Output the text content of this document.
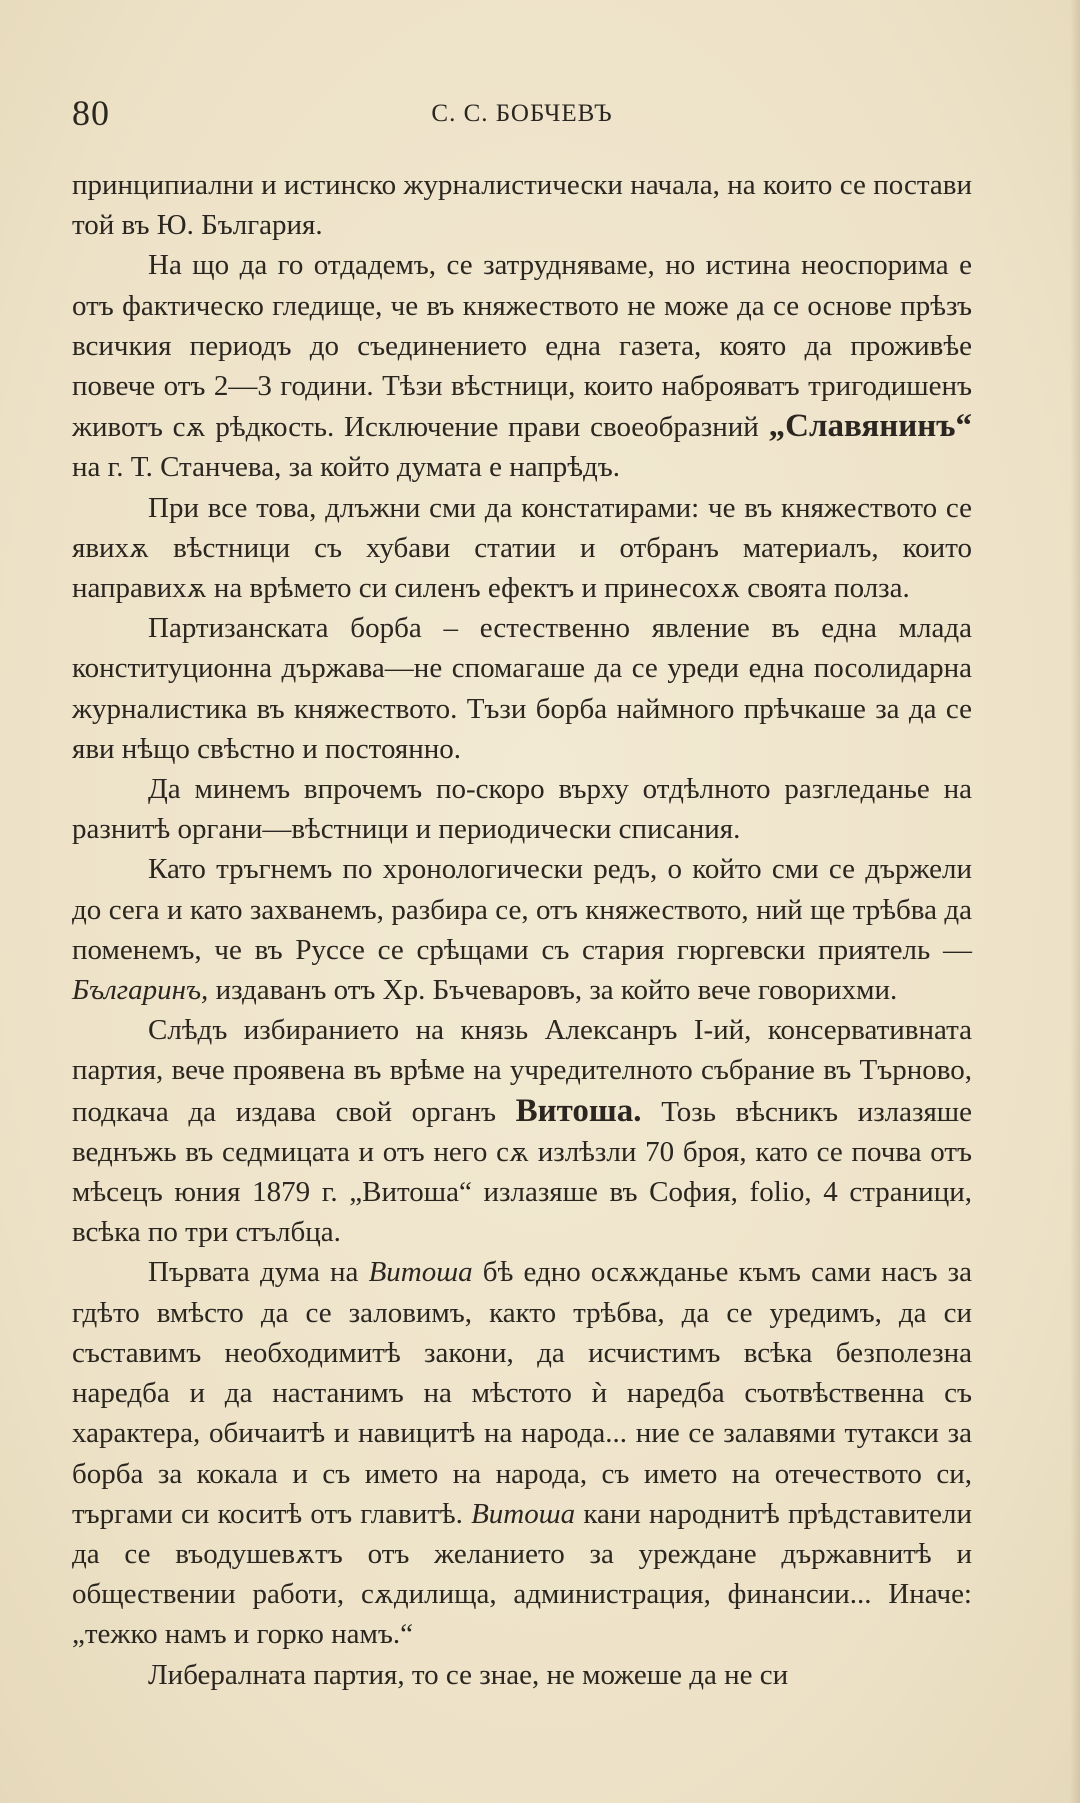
80	С. С. БОБЧЕВЪ

принципиални и истинско журналистически начала, на които се постави той въ Ю. България.

На що да го отдадемъ, се затрудняваме, но истина неоспорима е отъ фактическо гледище, че въ княжеството не може да се основе прѣзъ всичкия периодъ до съединението една газета, която да проживѣе повече отъ 2—3 години. Тѣзи вѣстници, които наброяватъ тригодишенъ животъ сѫ рѣдкость. Исключение прави своеобразний „Славянинъ“ на г. Т. Станчева, за който думата е напрѣдъ.

При все това, длъжни сми да констатирами: че въ княжеството се явихѫ вѣстници съ хубави статии и отбранъ материалъ, които направихѫ на врѣмето си силенъ ефектъ и принесохѫ своята полза.

Партизанската борба – естественно явление въ една млада конституционна държава—не спомагаше да се уреди една посолидарна журналистика въ княжеството. Тъзи борба наймного прѣчкаше за да се яви нѣщо свѣстно и постоянно.

Да минемъ впрочемъ по-скоро върху отдѣлното разгледанье на разнитѣ органи—вѣстници и периодически списания.

Като тръгнемъ по хронологически редъ, о който сми се държели до сега и като захванемъ, разбира се, отъ княжеството, ний ще трѣбва да поменемъ, че въ Руссе се срѣщами съ стария гюргевски приятель — Българинъ, издаванъ отъ Хр. Бъчеваровъ, за който вече говорихми.

Слѣдъ избиранието на князь Алексанръ I-ий, консервативната партия, вече проявена въ врѣме на учредителното събрание въ Търново, подкача да издава свой органъ Витоша. Тозь вѣсникъ излазяше веднъжь въ седмицата и отъ него сѫ излѣзли 70 броя, като се почва отъ мѣсецъ юния 1879 г. „Витоша“ излазяше въ София, folio, 4 страници, всѣка по три стълбца.

Първата дума на Витоша бѣ едно осѫжданье къмъ сами насъ за гдѣто вмѣсто да се заловимъ, както трѣбва, да се уредимъ, да си съставимъ необходимитѣ закони, да исчистимъ всѣка безполезна наредба и да настанимъ на мѣстото ѝ наредба съотвѣственна съ характера, обичаитѣ и навицитѣ на народа... ние се залавями тутакси за борба за кокала и съ името на народа, съ името на отечеството си, търгами си коситѣ отъ главитѣ. Витоша кани народнитѣ прѣдставители да се въодушевѫтъ отъ желанието за уреждане държавнитѣ и обществении работи, сѫдилища, администрация, финансии... Иначе: „тежко намъ и горко намъ.“

Либералната партия, то се знае, не можеше да не си
